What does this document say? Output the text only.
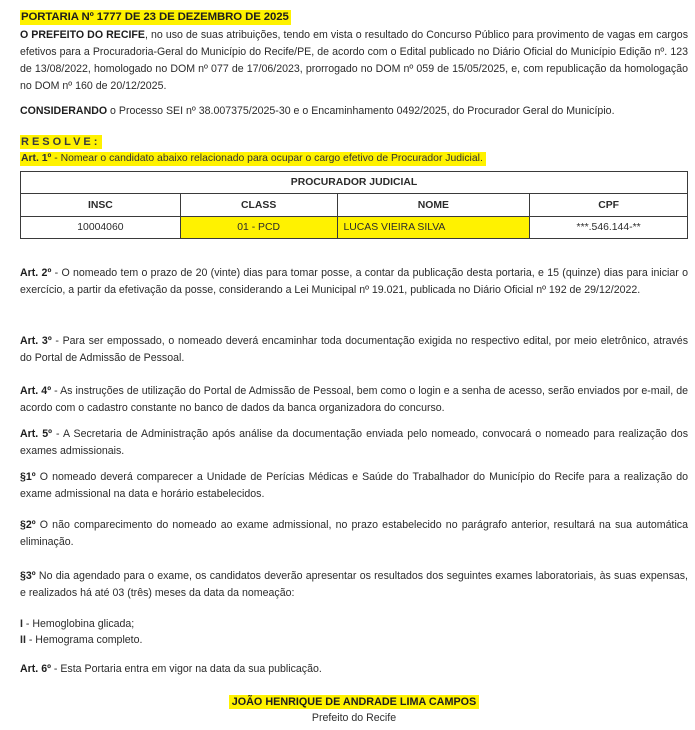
PORTARIA Nº 1777 DE 23 DE DEZEMBRO DE 2025
O PREFEITO DO RECIFE, no uso de suas atribuições, tendo em vista o resultado do Concurso Público para provimento de vagas em cargos efetivos para a Procuradoria-Geral do Município do Recife/PE, de acordo com o Edital publicado no Diário Oficial do Município Edição nº. 123 de 13/08/2022, homologado no DOM nº 077 de 17/06/2023, prorrogado no DOM nº 059 de 15/05/2025, e, com republicação da homologação no DOM nº 160 de 20/12/2025.
CONSIDERANDO o Processo SEI nº 38.007375/2025-30 e o Encaminhamento 0492/2025, do Procurador Geral do Município.
RESOLVE:
Art. 1º - Nomear o candidato abaixo relacionado para ocupar o cargo efetivo de Procurador Judicial.
PROCURADOR JUDICIAL			
INSC	CLASS	NOME	CPF
10004060	01 - PCD	LUCAS VIEIRA SILVA	***.546.144-**
Art. 2º - O nomeado tem o prazo de 20 (vinte) dias para tomar posse, a contar da publicação desta portaria, e 15 (quinze) dias para iniciar o exercício, a partir da efetivação da posse, considerando a Lei Municipal nº 19.021, publicada no Diário Oficial nº 192 de 29/12/2022.
Art. 3º - Para ser empossado, o nomeado deverá encaminhar toda documentação exigida no respectivo edital, por meio eletrônico, através do Portal de Admissão de Pessoal.
Art. 4º - As instruções de utilização do Portal de Admissão de Pessoal, bem como o login e a senha de acesso, serão enviados por e-mail, de acordo com o cadastro constante no banco de dados da banca organizadora do concurso.
Art. 5º - A Secretaria de Administração após análise da documentação enviada pelo nomeado, convocará o nomeado para realização dos exames admissionais.
§1º O nomeado deverá comparecer a Unidade de Perícias Médicas e Saúde do Trabalhador do Município do Recife para a realização do exame admissional na data e horário estabelecidos.
§2º O não comparecimento do nomeado ao exame admissional, no prazo estabelecido no parágrafo anterior, resultará na sua automática eliminação.
§3º No dia agendado para o exame, os candidatos deverão apresentar os resultados dos seguintes exames laboratoriais, às suas expensas, e realizados há até 03 (três) meses da data da nomeação:
I - Hemoglobina glicada;
II - Hemograma completo.
Art. 6º - Esta Portaria entra em vigor na data da sua publicação.
JOÃO HENRIQUE DE ANDRADE LIMA CAMPOS
Prefeito do Recife
